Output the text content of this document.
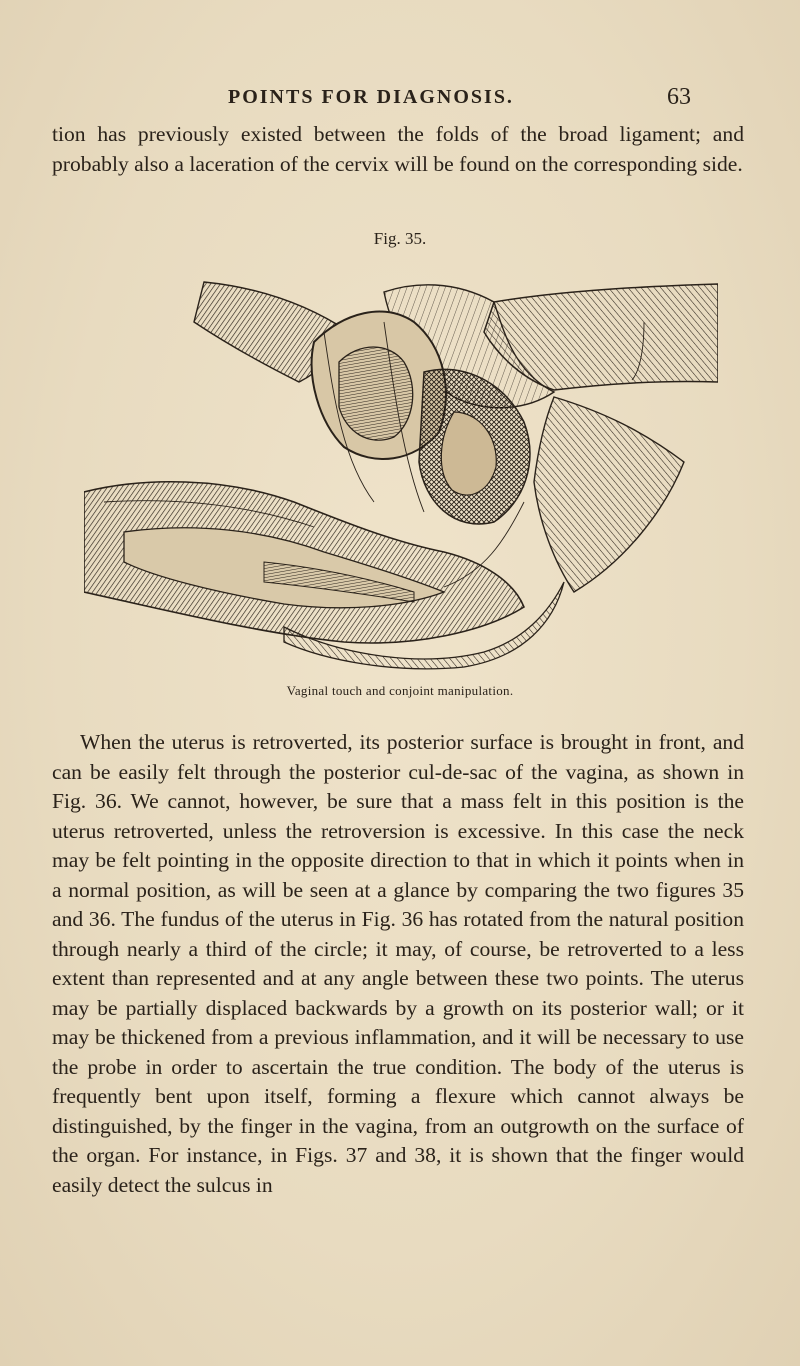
POINTS FOR DIAGNOSIS.	63

tion has previously existed between the folds of the broad ligament; and probably also a laceration of the cervix will be found on the corresponding side.

Fig. 35.
Vaginal touch and conjoint manipulation.

When the uterus is retroverted, its posterior surface is brought in front, and can be easily felt through the posterior cul-de-sac of the vagina, as shown in Fig. 36. We cannot, however, be sure that a mass felt in this position is the uterus retroverted, unless the retroversion is excessive. In this case the neck may be felt pointing in the opposite direction to that in which it points when in a normal position, as will be seen at a glance by comparing the two figures 35 and 36. The fundus of the uterus in Fig. 36 has rotated from the natural position through nearly a third of the circle; it may, of course, be retroverted to a less extent than represented and at any angle between these two points. The uterus may be partially displaced backwards by a growth on its posterior wall; or it may be thickened from a previous inflammation, and it will be necessary to use the probe in order to ascertain the true condition. The body of the uterus is frequently bent upon itself, forming a flexure which cannot always be distinguished, by the finger in the vagina, from an outgrowth on the surface of the organ. For instance, in Figs. 37 and 38, it is shown that the finger would easily detect the sulcus in
